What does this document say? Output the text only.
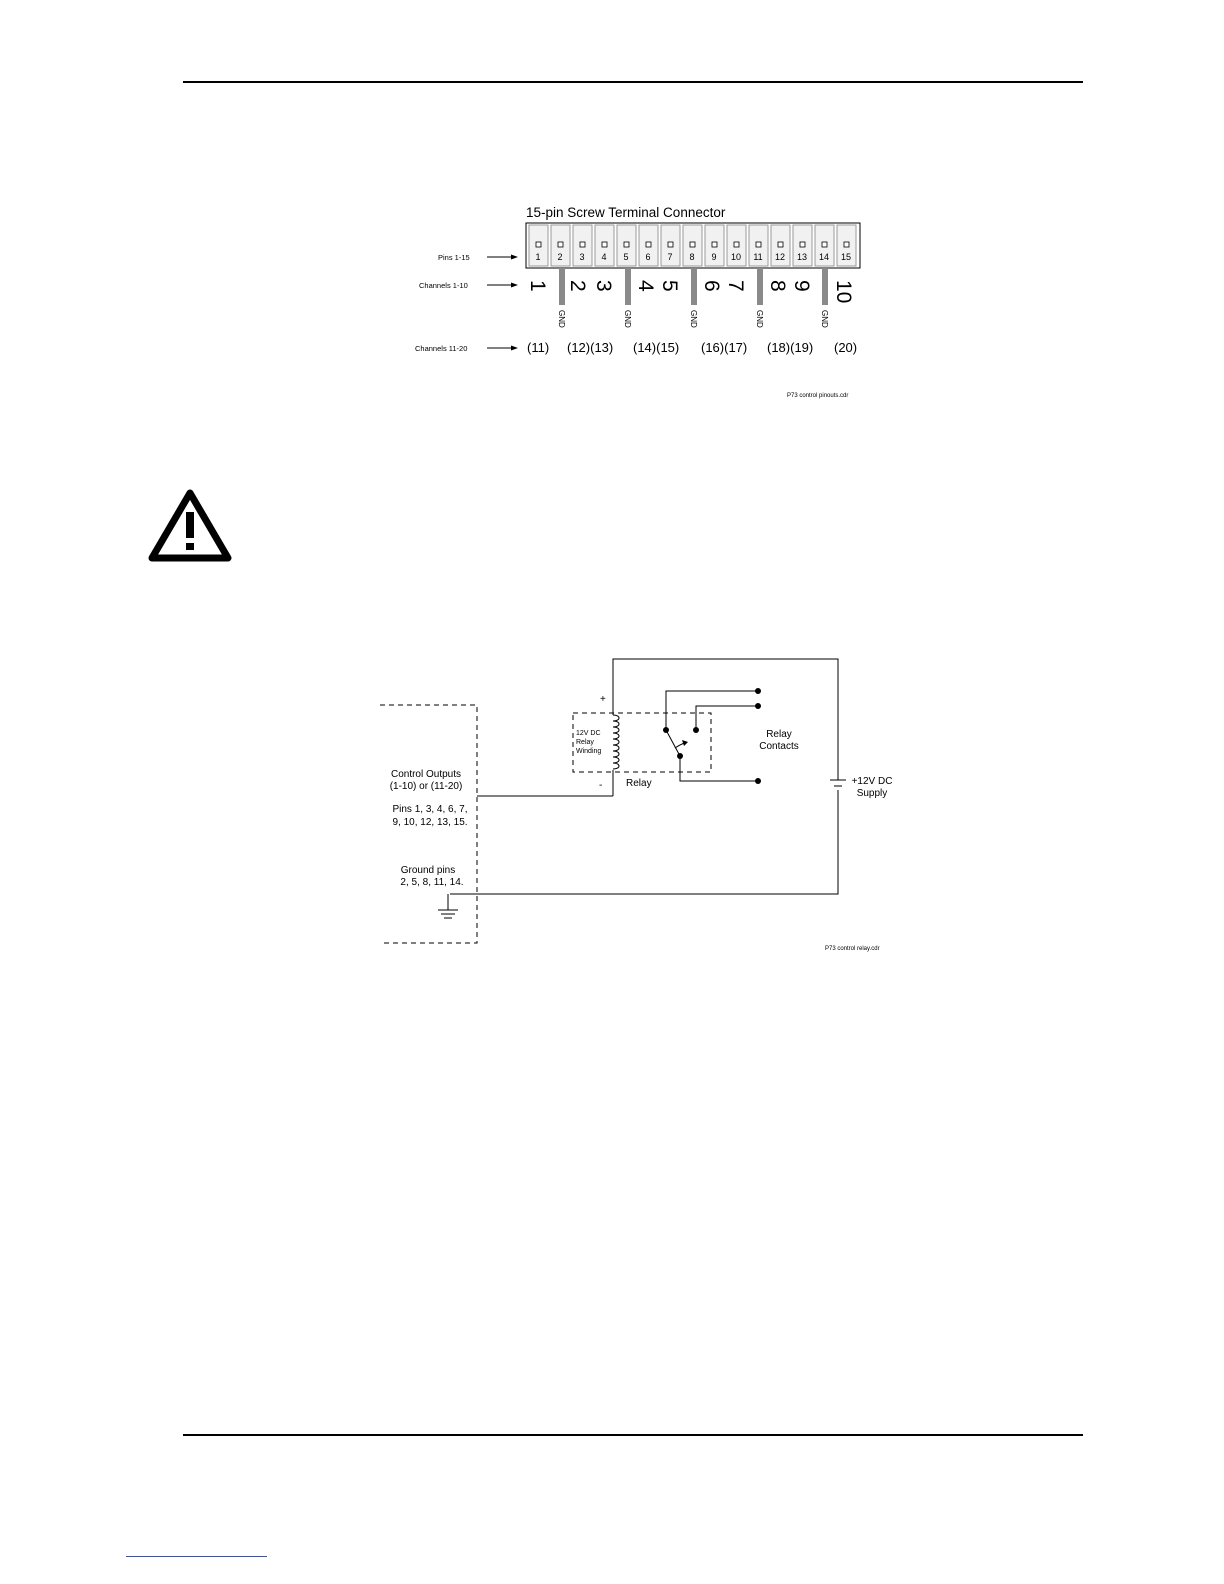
15-pin Screw Terminal Connector
1 2 3 4 5 6 7 8 9 10 11 12 13 14 15
Pins 1-15
Channels 1-10
Channels 11-20
GND	GND	GND	GND	GND
1 2 3 4 5 6 7 8 9 10
(11) (12)(13) (14)(15) (16)(17) (18)(19) (20)
P73 control pinouts.cdr
+
-
12V DC
Relay
Winding
Relay
Relay
Contacts
+12V DC
Supply
Control Outputs
(1-10) or (11-20)
Pins 1, 3, 4, 6, 7,
9, 10, 12, 13, 15.
Ground pins
2, 5, 8, 11, 14.
P73 control relay.cdr
